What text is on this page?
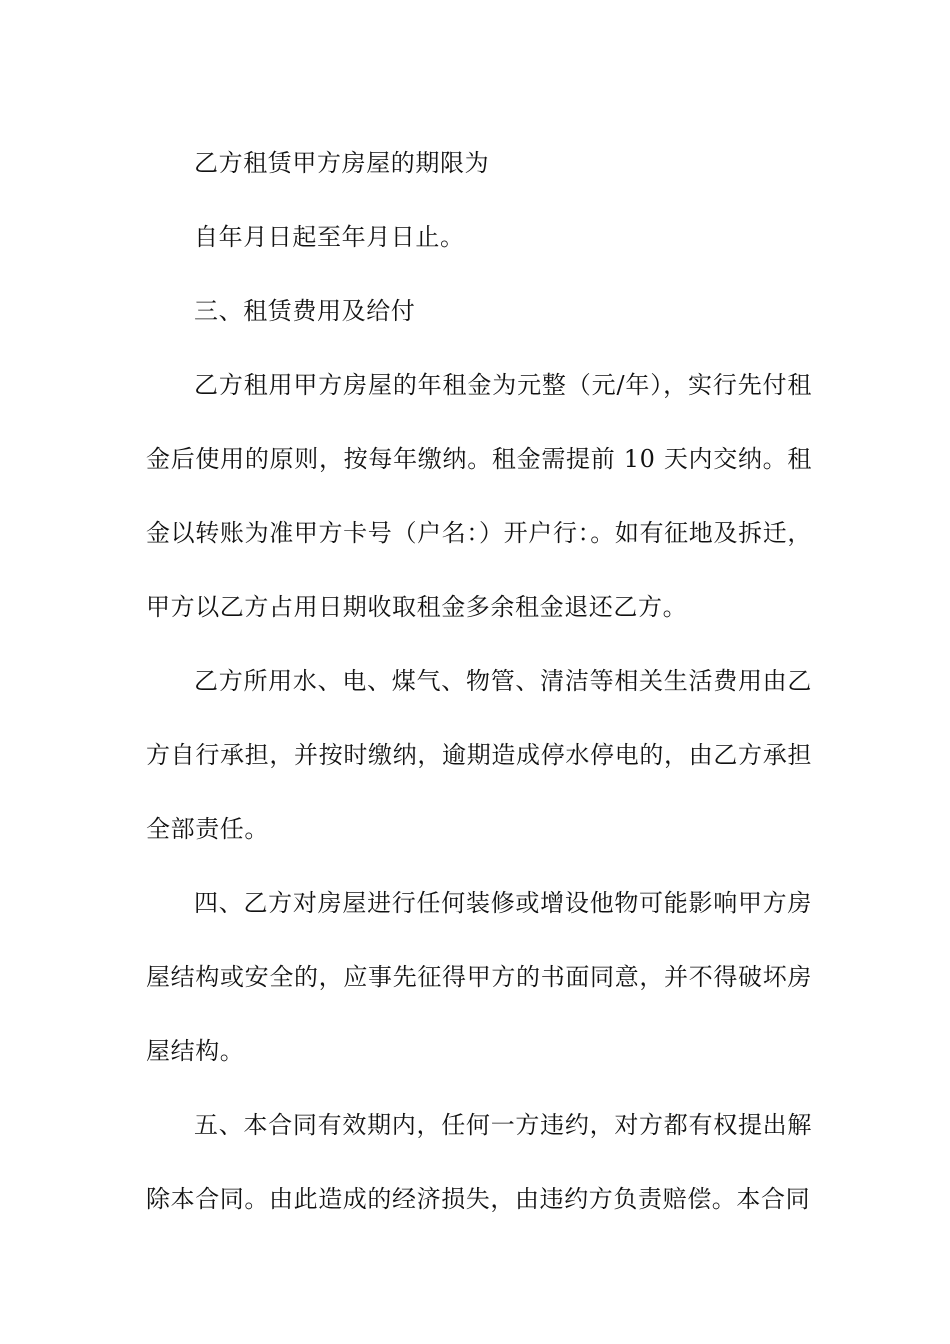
乙方租赁甲方房屋的期限为

自年月日起至年月日止。

三、租赁费用及给付

乙方租用甲方房屋的年租金为元整（元/年），实行先付租金后使用的原则，按每年缴纳。租金需提前 10 天内交纳。租金以转账为准甲方卡号（户名：）开户行：。如有征地及拆迁，甲方以乙方占用日期收取租金多余租金退还乙方。

乙方所用水、电、煤气、物管、清洁等相关生活费用由乙方自行承担，并按时缴纳，逾期造成停水停电的，由乙方承担全部责任。

四、乙方对房屋进行任何装修或增设他物可能影响甲方房屋结构或安全的，应事先征得甲方的书面同意，并不得破坏房屋结构。

五、本合同有效期内，任何一方违约，对方都有权提出解除本合同。由此造成的经济损失，由违约方负责赔偿。本合同
